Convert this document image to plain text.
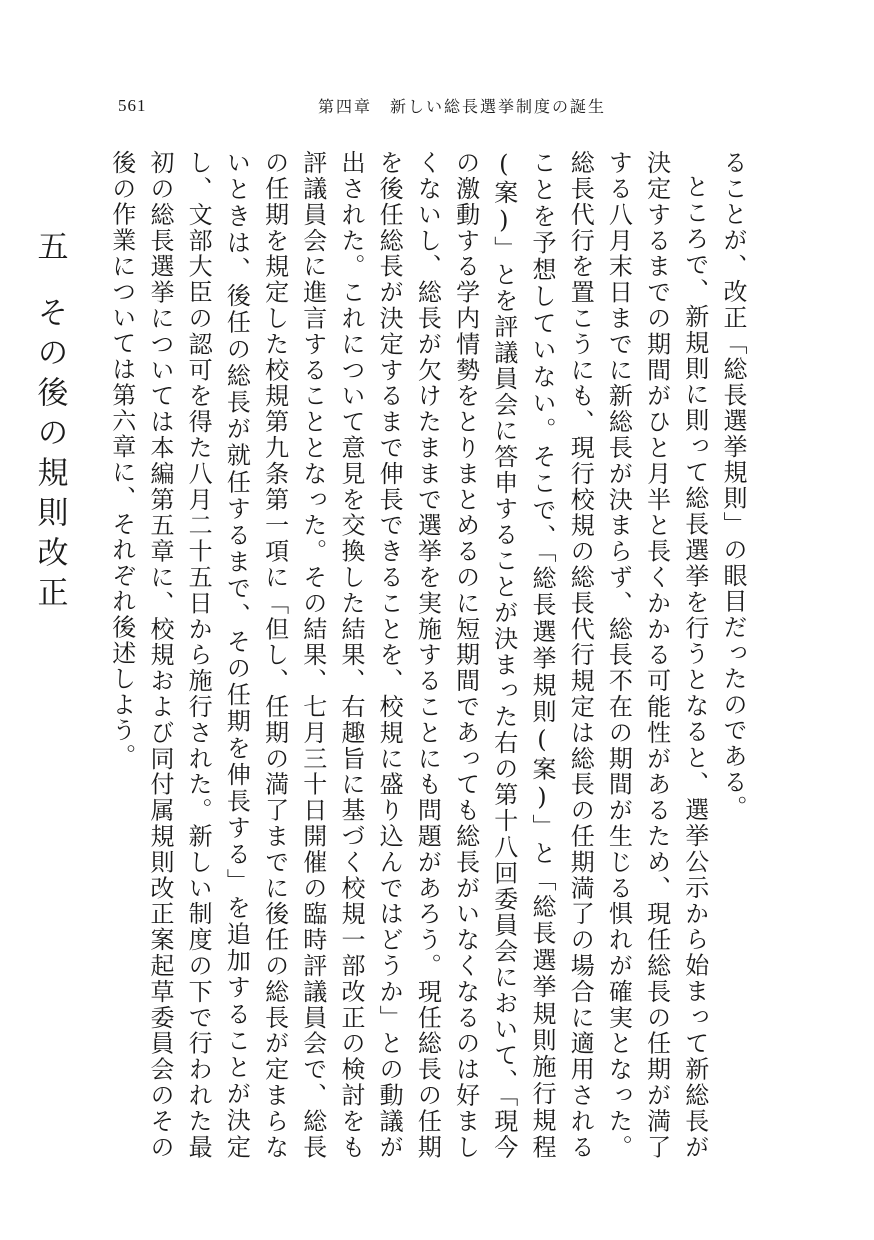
561	第四章　新しい総長選挙制度の誕生

ることが、改正「総長選挙規則」の眼目だったのである。

ところで、新規則に則って総長選挙を行うとなると、選挙公示から始まって新総長が決定するまでの期間がひと月半と長くかかる可能性があるため、現任総長の任期が満了する八月末日までに新総長が決まらず、総長不在の期間が生じる惧れが確実となった。総長代行を置こうにも、現行校規の総長代行規定は総長の任期満了の場合に適用されることを予想していない。そこで、「総長選挙規則(案)」と「総長選挙規則施行規程(案)」とを評議員会に答申することが決まった右の第十八回委員会において、「現今の激動する学内情勢をとりまとめるのに短期間であっても総長がいなくなるのは好ましくないし、総長が欠けたままで選挙を実施することにも問題があろう。現任総長の任期を後任総長が決定するまで伸長できることを、校規に盛り込んではどうか」との動議が出された。これについて意見を交換した結果、右趣旨に基づく校規一部改正の検討をも評議員会に進言することとなった。その結果、七月三十日開催の臨時評議員会で、総長の任期を規定した校規第九条第一項に「但し、任期の満了までに後任の総長が定まらないときは、後任の総長が就任するまで、その任期を伸長する」を追加することが決定し、文部大臣の認可を得た八月二十五日から施行された。新しい制度の下で行われた最初の総長選挙については本編第五章に、校規および同付属規則改正案起草委員会のその後の作業については第六章に、それぞれ後述しよう。

五その後の規則改正
